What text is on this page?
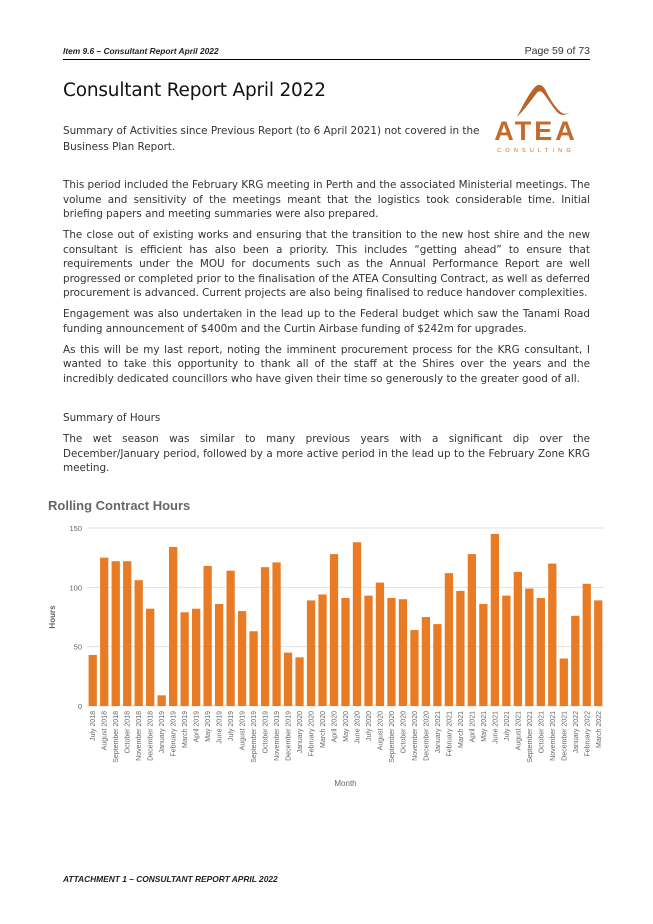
Item 9.6 – Consultant Report April 2022	Page 59 of 73
Consultant Report April 2022

Summary of Activities since Previous Report (to 6 April 2021) not covered in the Business Plan Report.

ATEA
CONSULTING

This period included the February KRG meeting in Perth and the associated Ministerial meetings. The volume and sensitivity of the meetings meant that the logistics took considerable time. Initial briefing papers and meeting summaries were also prepared.

The close out of existing works and ensuring that the transition to the new host shire and the new consultant is efficient has also been a priority. This includes “getting ahead” to ensure that requirements under the MOU for documents such as the Annual Performance Report are well progressed or completed prior to the finalisation of the ATEA Consulting Contract, as well as deferred procurement is advanced. Current projects are also being finalised to reduce handover complexities.

Engagement was also undertaken in the lead up to the Federal budget which saw the Tanami Road funding announcement of $400m and the Curtin Airbase funding of $242m for upgrades.

As this will be my last report, noting the imminent procurement process for the KRG consultant, I wanted to take this opportunity to thank all of the staff at the Shires over the years and the incredibly dedicated councillors who have given their time so generously to the greater good of all.

Summary of Hours

The wet season was similar to many previous years with a significant dip over the December/January period, followed by a more active period in the lead up to the February Zone KRG meeting.

Rolling Contract Hours
0
50
100
150
July 2018 August 2018 September 2018 October 2018 November 2018 December 2018 January 2019 February 2019 March 2019 April 2019 May 2019 June 2019 July 2019 August 2019 September 2019 October 2019 November 2019 December 2019 January 2020 February 2020 March 2020 April 2020 May 2020 June 2020 July 2020 August 2020 September 2020 October 2020 November 2020 December 2020 January 2021 February 2021 March 2021 April 2021 May 2021 June 2021 July 2021 August 2021 September 2021 October 2021 November 2021 December 2021 January 2022 February 2022 March 2022
Hours
Month
ATTACHMENT 1 – CONSULTANT REPORT APRIL 2022
